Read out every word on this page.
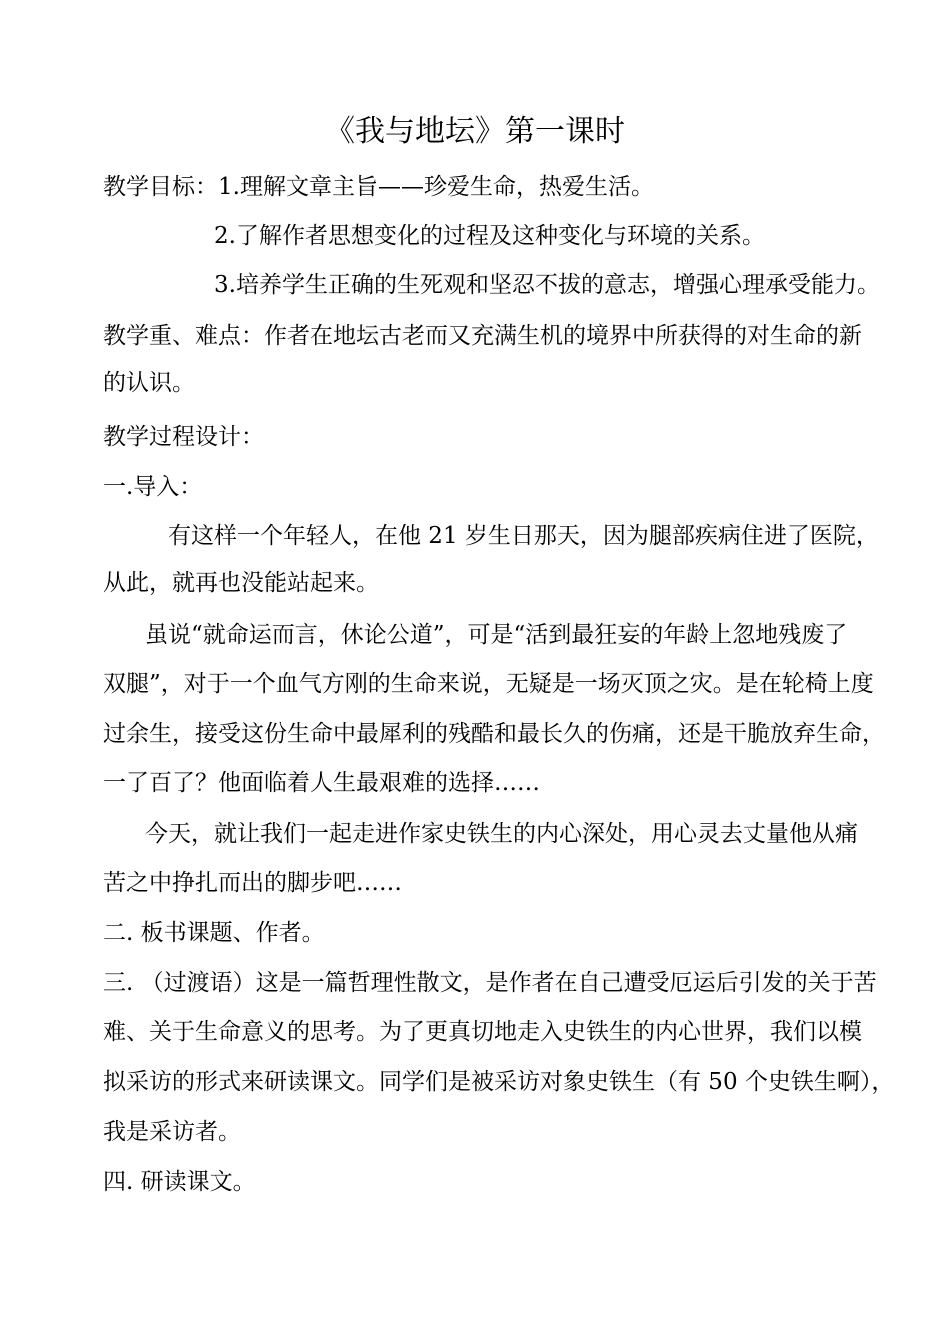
《我与地坛》第一课时
教学目标：1.理解文章主旨——珍爱生命，热爱生活。
2.了解作者思想变化的过程及这种变化与环境的关系。
3.培养学生正确的生死观和坚忍不拔的意志，增强心理承受能力。
教学重、难点：作者在地坛古老而又充满生机的境界中所获得的对生命的新
的认识。
教学过程设计：
一.导入：
有这样一个年轻人，在他 21 岁生日那天，因为腿部疾病住进了医院，
从此，就再也没能站起来。
虽说“就命运而言，休论公道”，可是“活到最狂妄的年龄上忽地残废了
双腿”，对于一个血气方刚的生命来说，无疑是一场灭顶之灾。是在轮椅上度
过余生，接受这份生命中最犀利的残酷和最长久的伤痛，还是干脆放弃生命，
一了百了？他面临着人生最艰难的选择……
今天，就让我们一起走进作家史铁生的内心深处，用心灵去丈量他从痛
苦之中挣扎而出的脚步吧……
二. 板书课题、作者。
三. （过渡语）这是一篇哲理性散文，是作者在自己遭受厄运后引发的关于苦
难、关于生命意义的思考。为了更真切地走入史铁生的内心世界，我们以模
拟采访的形式来研读课文。同学们是被采访对象史铁生（有 50 个史铁生啊），
我是采访者。
四. 研读课文。
